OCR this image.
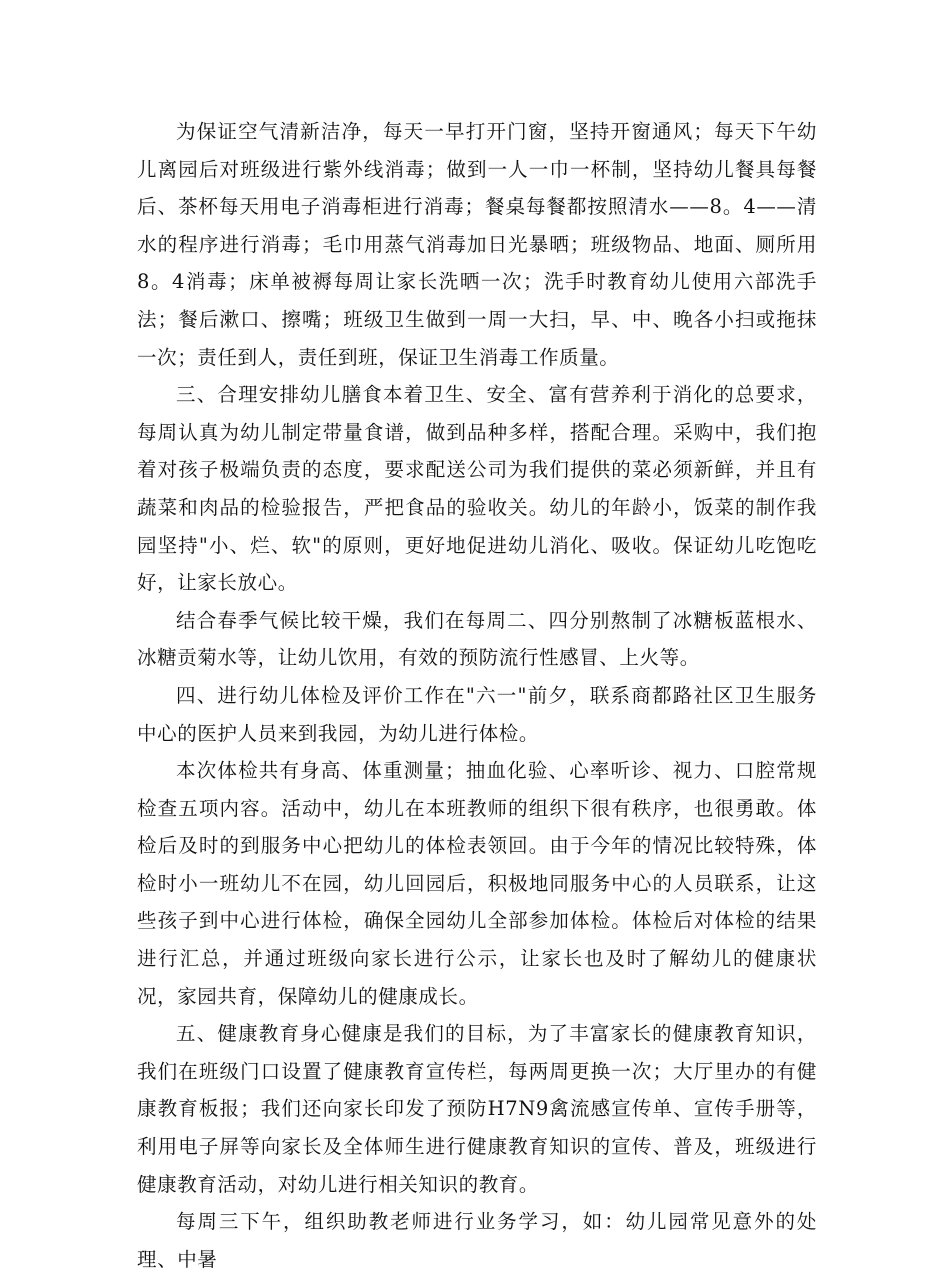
为保证空气清新洁净，每天一早打开门窗，坚持开窗通风；每天下午幼儿离园后对班级进行紫外线消毒；做到一人一巾一杯制，坚持幼儿餐具每餐后、茶杯每天用电子消毒柜进行消毒；餐桌每餐都按照清水——8。4——清水的程序进行消毒；毛巾用蒸气消毒加日光暴晒；班级物品、地面、厕所用8。4消毒；床单被褥每周让家长洗晒一次；洗手时教育幼儿使用六部洗手法；餐后漱口、擦嘴；班级卫生做到一周一大扫，早、中、晚各小扫或拖抹一次；责任到人，责任到班，保证卫生消毒工作质量。

三、合理安排幼儿膳食本着卫生、安全、富有营养利于消化的总要求，每周认真为幼儿制定带量食谱，做到品种多样，搭配合理。采购中，我们抱着对孩子极端负责的态度，要求配送公司为我们提供的菜必须新鲜，并且有蔬菜和肉品的检验报告，严把食品的验收关。幼儿的年龄小，饭菜的制作我园坚持"小、烂、软"的原则，更好地促进幼儿消化、吸收。保证幼儿吃饱吃好，让家长放心。

结合春季气候比较干燥，我们在每周二、四分别熬制了冰糖板蓝根水、冰糖贡菊水等，让幼儿饮用，有效的预防流行性感冒、上火等。

四、进行幼儿体检及评价工作在"六一"前夕，联系商都路社区卫生服务中心的医护人员来到我园，为幼儿进行体检。

本次体检共有身高、体重测量；抽血化验、心率听诊、视力、口腔常规检查五项内容。活动中，幼儿在本班教师的组织下很有秩序，也很勇敢。体检后及时的到服务中心把幼儿的体检表领回。由于今年的情况比较特殊，体检时小一班幼儿不在园，幼儿回园后，积极地同服务中心的人员联系，让这些孩子到中心进行体检，确保全园幼儿全部参加体检。体检后对体检的结果进行汇总，并通过班级向家长进行公示，让家长也及时了解幼儿的健康状况，家园共育，保障幼儿的健康成长。

五、健康教育身心健康是我们的目标，为了丰富家长的健康教育知识，我们在班级门口设置了健康教育宣传栏，每两周更换一次；大厅里办的有健康教育板报；我们还向家长印发了预防H7N9禽流感宣传单、宣传手册等，利用电子屏等向家长及全体师生进行健康教育知识的宣传、普及，班级进行健康教育活动，对幼儿进行相关知识的教育。

每周三下午，组织助教老师进行业务学习，如：幼儿园常见意外的处理、中暑
